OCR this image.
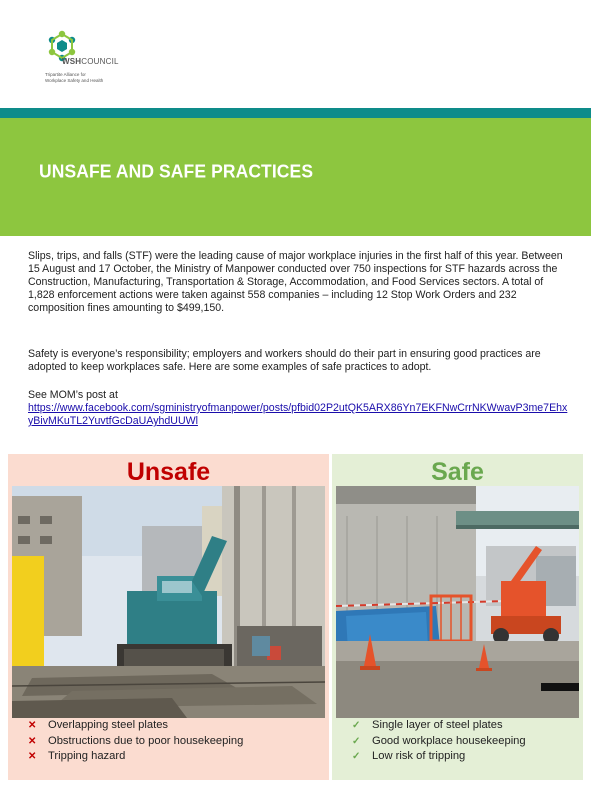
WSHCOUNCIL
Tripartite Alliance for
Workplace Safety and Health
UNSAFE AND SAFE PRACTICES
Slips, trips, and falls (STF) were the leading cause of major workplace injuries in the first half of this year. Between 15 August and 17 October, the Ministry of Manpower conducted over 750 inspections for STF hazards across the Construction, Manufacturing, Transportation & Storage, Accommodation, and Food Services sectors. A total of 1,828 enforcement actions were taken against 558 companies – including 12 Stop Work Orders and 232 composition fines amounting to $499,150.
Safety is everyone’s responsibility; employers and workers should do their part in ensuring good practices are adopted to keep workplaces safe. Here are some examples of safe practices to adopt.
See MOM’s post at
https://www.facebook.com/sgministryofmanpower/posts/pfbid02P2utQK5ARX86Yn7EKFNwCrrNKWwavP3me7EhxyBivMKuTL2YuvtfGcDaUAyhdUUWl
Unsafe
✕ Overlapping steel plates
✕ Obstructions due to poor housekeeping
✕ Tripping hazard
Safe
✓ Single layer of steel plates
✓ Good workplace housekeeping
✓ Low risk of tripping
